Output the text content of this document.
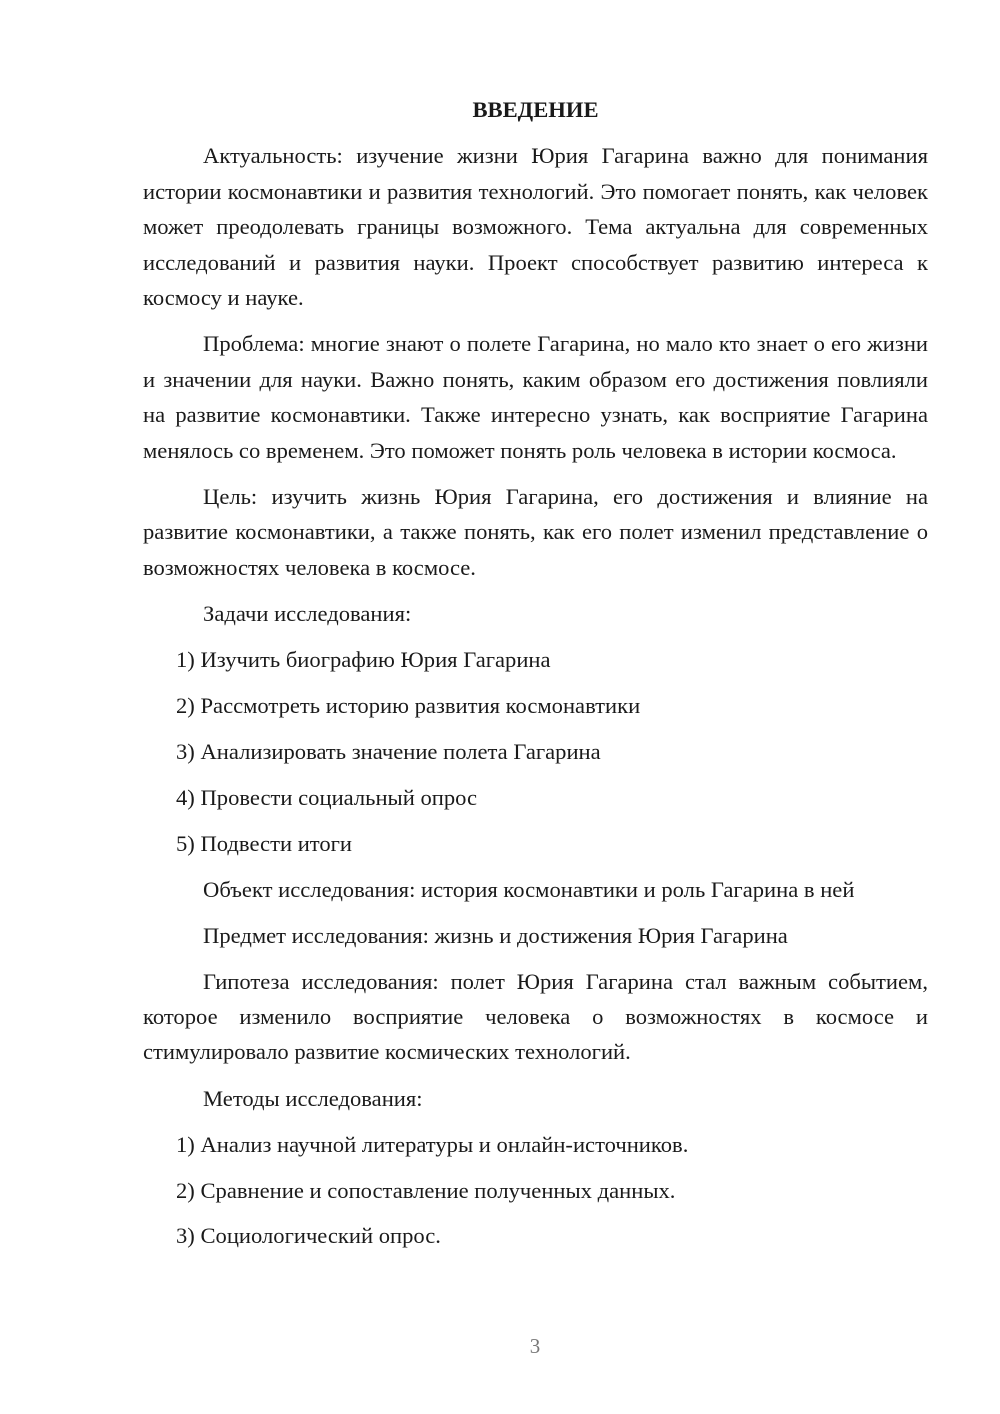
ВВЕДЕНИЕ
Актуальность: изучение жизни Юрия Гагарина важно для понимания истории космонавтики и развития технологий. Это помогает понять, как человек может преодолевать границы возможного. Тема актуальна для современных исследований и развития науки. Проект способствует развитию интереса к космосу и науке.
Проблема: многие знают о полете Гагарина, но мало кто знает о его жизни и значении для науки. Важно понять, каким образом его достижения повлияли на развитие космонавтики. Также интересно узнать, как восприятие Гагарина менялось со временем. Это поможет понять роль человека в истории космоса.
Цель: изучить жизнь Юрия Гагарина, его достижения и влияние на развитие космонавтики, а также понять, как его полет изменил представление о возможностях человека в космосе.
Задачи исследования:
1) Изучить биографию Юрия Гагарина
2) Рассмотреть историю развития космонавтики
3) Анализировать значение полета Гагарина
4) Провести социальный опрос
5) Подвести итоги
Объект исследования: история космонавтики и роль Гагарина в ней
Предмет исследования: жизнь и достижения Юрия Гагарина
Гипотеза исследования: полет Юрия Гагарина стал важным событием, которое изменило восприятие человека о возможностях в космосе и стимулировало развитие космических технологий.
Методы исследования:
1) Анализ научной литературы и онлайн-источников.
2) Сравнение и сопоставление полученных данных.
3) Социологический опрос.
3
